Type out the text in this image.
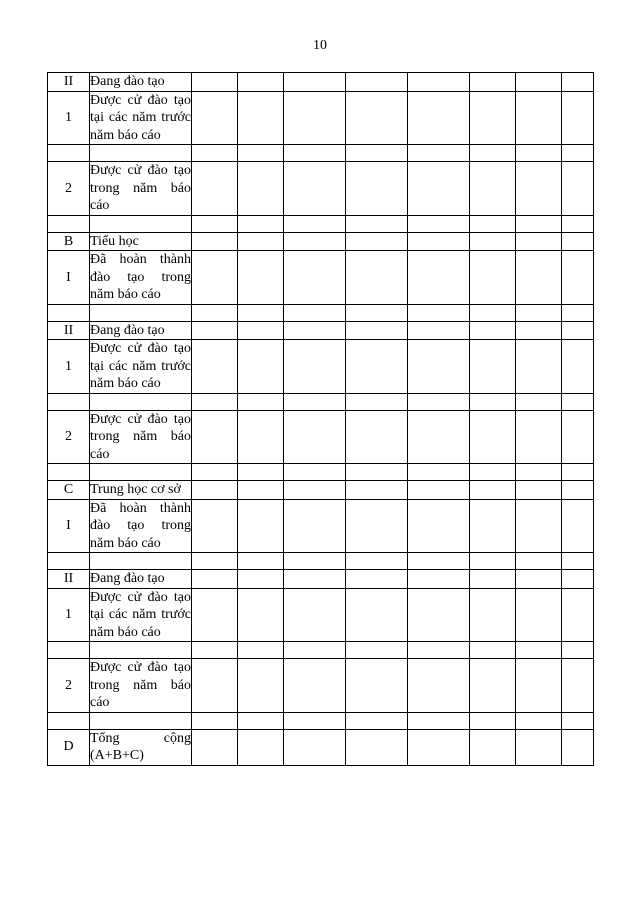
10
II	Đang đào tạo								

1	Được cử đào tạo tại các năm trước năm báo cáo								

2	Được cử đào tạo trong năm báo cáo								

B	Tiểu học								

I	Đã hoàn thành đào tạo trong năm báo cáo								

II	Đang đào tạo								

1	Được cử đào tạo tại các năm trước năm báo cáo								

2	Được cử đào tạo trong năm báo cáo								

C	Trung học cơ sở								

I	Đã hoàn thành đào tạo trong năm báo cáo								

II	Đang đào tạo								

1	Được cử đào tạo tại các năm trước năm báo cáo								

2	Được cử đào tạo trong năm báo cáo								

D	Tổng cộng (A+B+C)								
